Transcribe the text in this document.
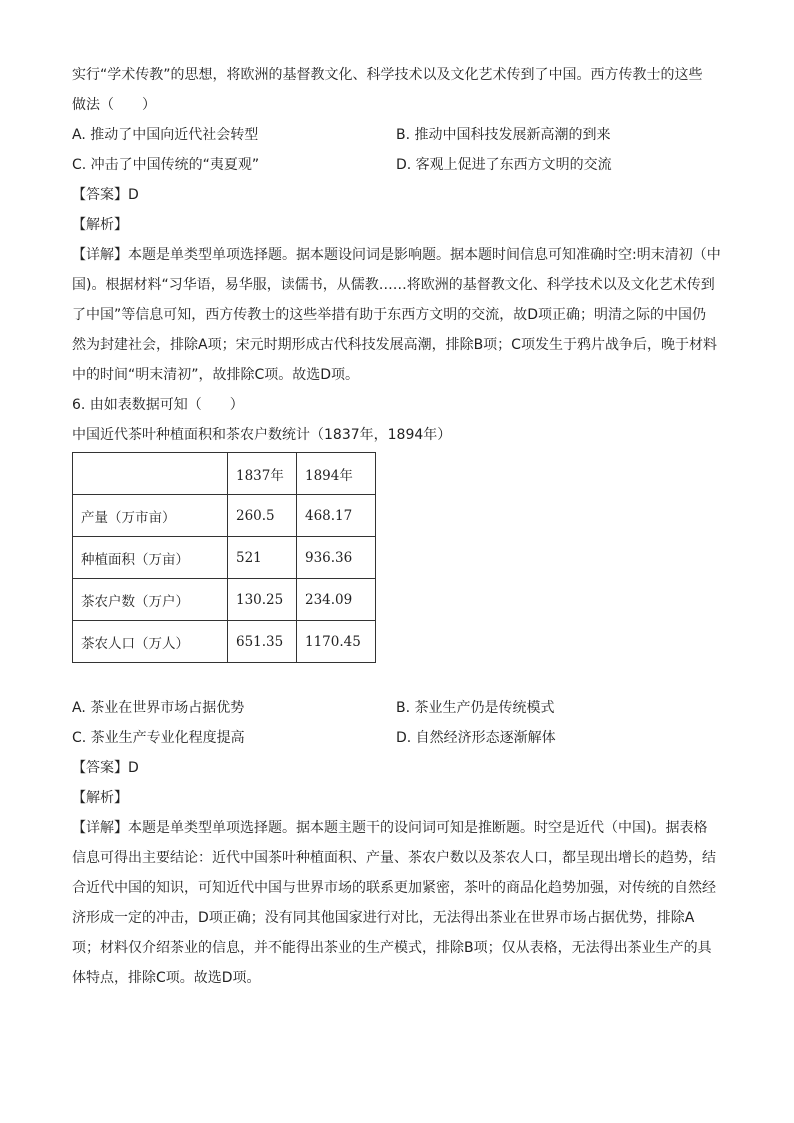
实行“学术传教”的思想，将欧洲的基督教文化、科学技术以及文化艺术传到了中国。西方传教士的这些

做法（　　）

A. 推动了中国向近代社会转型	B. 推动中国科技发展新高潮的到来
C. 冲击了中国传统的“夷夏观”	D. 客观上促进了东西方文明的交流

【答案】D

【解析】

【详解】本题是单类型单项选择题。据本题设问词是影响题。据本题时间信息可知准确时空:明末清初（中

国)。根据材料“习华语，易华服，读儒书，从儒教……将欧洲的基督教文化、科学技术以及文化艺术传到

了中国”等信息可知，西方传教士的这些举措有助于东西方文明的交流，故D项正确；明清之际的中国仍

然为封建社会，排除A项；宋元时期形成古代科技发展高潮，排除B项；C项发生于鸦片战争后，晚于材料

中的时间“明末清初”，故排除C项。故选D项。

6. 由如表数据可知（　　）

中国近代茶叶种植面积和茶农户数统计（1837年，1894年）

	1837年	1894年
产量（万市亩）	260.5	468.17
种植面积（万亩）	521	936.36
茶农户数（万户）	130.25	234.09
茶农人口（万人）	651.35	1170.45
A. 茶业在世界市场占据优势	B. 茶业生产仍是传统模式
C. 茶业生产专业化程度提高	D. 自然经济形态逐渐解体

【答案】D

【解析】

【详解】本题是单类型单项选择题。据本题主题干的设问词可知是推断题。时空是近代（中国)。据表格

信息可得出主要结论：近代中国茶叶种植面积、产量、茶农户数以及茶农人口，都呈现出增长的趋势，结

合近代中国的知识，可知近代中国与世界市场的联系更加紧密，茶叶的商品化趋势加强，对传统的自然经

济形成一定的冲击，D项正确；没有同其他国家进行对比，无法得出茶业在世界市场占据优势，排除A

项；材料仅介绍茶业的信息，并不能得出茶业的生产模式，排除B项；仅从表格，无法得出茶业生产的具

体特点，排除C项。故选D项。
